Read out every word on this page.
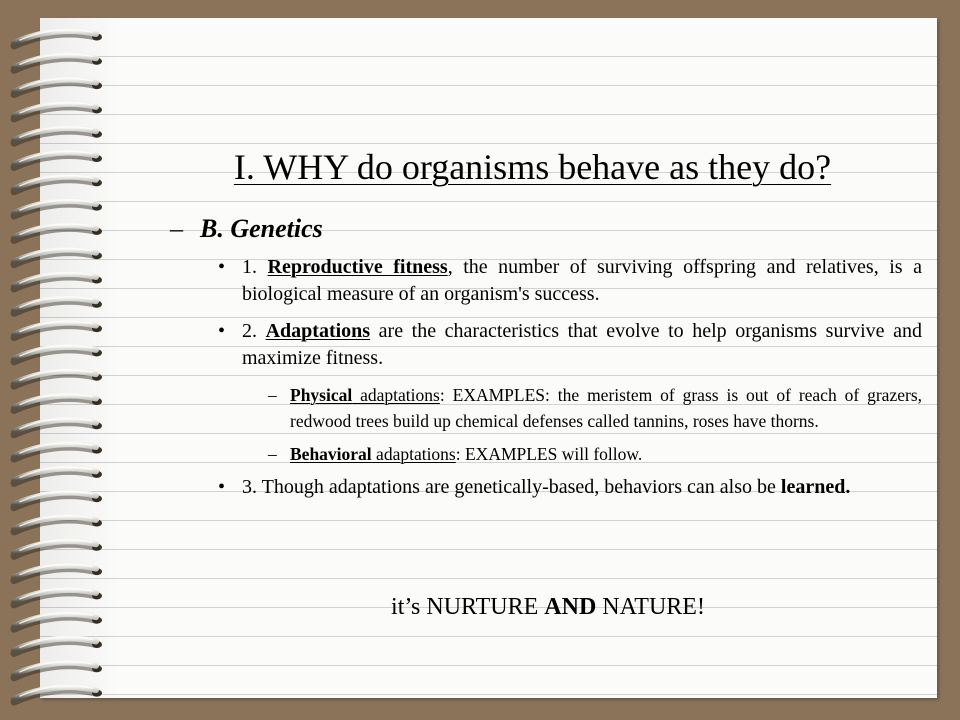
I. WHY do organisms behave as they do?
– B. Genetics
• 1. Reproductive fitness, the number of surviving offspring and relatives, is a biological measure of an organism's success.
• 2. Adaptations are the characteristics that evolve to help organisms survive and maximize fitness.
– Physical adaptations: EXAMPLES: the meristem of grass is out of reach of grazers, redwood trees build up chemical defenses called tannins, roses have thorns.
– Behavioral adaptations: EXAMPLES will follow.
• 3. Though adaptations are genetically-based, behaviors can also be learned.

it’s NURTURE AND NATURE!
